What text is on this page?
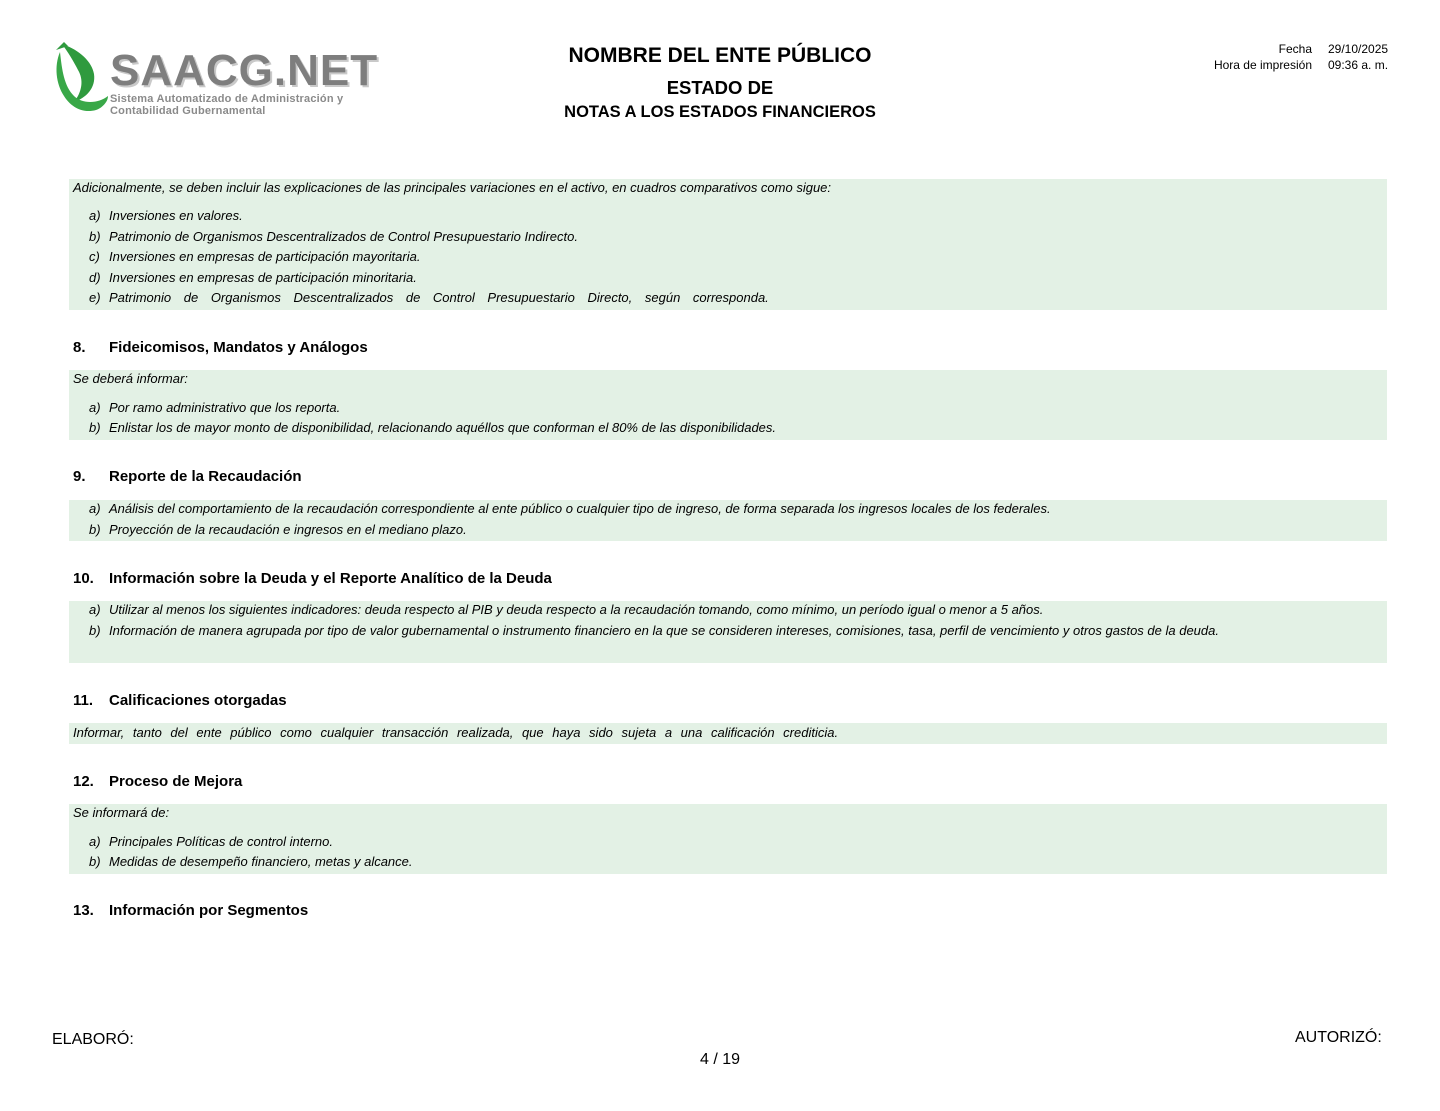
SAACG.NET
Sistema Automatizado de Administración y
Contabilidad Gubernamental
NOMBRE DEL ENTE PÚBLICO
ESTADO DE
NOTAS A LOS ESTADOS FINANCIEROS
Fecha
Hora de impresión
29/10/2025
09:36 a. m.
Adicionalmente, se deben incluir las explicaciones de las principales variaciones en el activo, en cuadros comparativos como sigue:
a) Inversiones en valores.
b) Patrimonio de Organismos Descentralizados de Control Presupuestario Indirecto.
c) Inversiones en empresas de participación mayoritaria.
d) Inversiones en empresas de participación minoritaria.
e) Patrimonio de Organismos Descentralizados de Control Presupuestario Directo, según corresponda.
8. Fideicomisos, Mandatos y Análogos
Se deberá informar:
a) Por ramo administrativo que los reporta.
b) Enlistar los de mayor monto de disponibilidad, relacionando aquéllos que conforman el 80% de las disponibilidades.
9. Reporte de la Recaudación
a) Análisis del comportamiento de la recaudación correspondiente al ente público o cualquier tipo de ingreso, de forma separada los ingresos locales de los federales.
b) Proyección de la recaudación e ingresos en el mediano plazo.
10. Información sobre la Deuda y el Reporte Analítico de la Deuda
a) Utilizar al menos los siguientes indicadores: deuda respecto al PIB y deuda respecto a la recaudación tomando, como mínimo, un período igual o menor a 5 años.
b) Información de manera agrupada por tipo de valor gubernamental o instrumento financiero en la que se consideren intereses, comisiones, tasa, perfil de vencimiento y otros gastos de la deuda.
11. Calificaciones otorgadas
Informar, tanto del ente público como cualquier transacción realizada, que haya sido sujeta a una calificación crediticia.
12. Proceso de Mejora
Se informará de:
a) Principales Políticas de control interno.
b) Medidas de desempeño financiero, metas y alcance.
13. Información por Segmentos
ELABORÓ:	AUTORIZÓ:
4 / 19
